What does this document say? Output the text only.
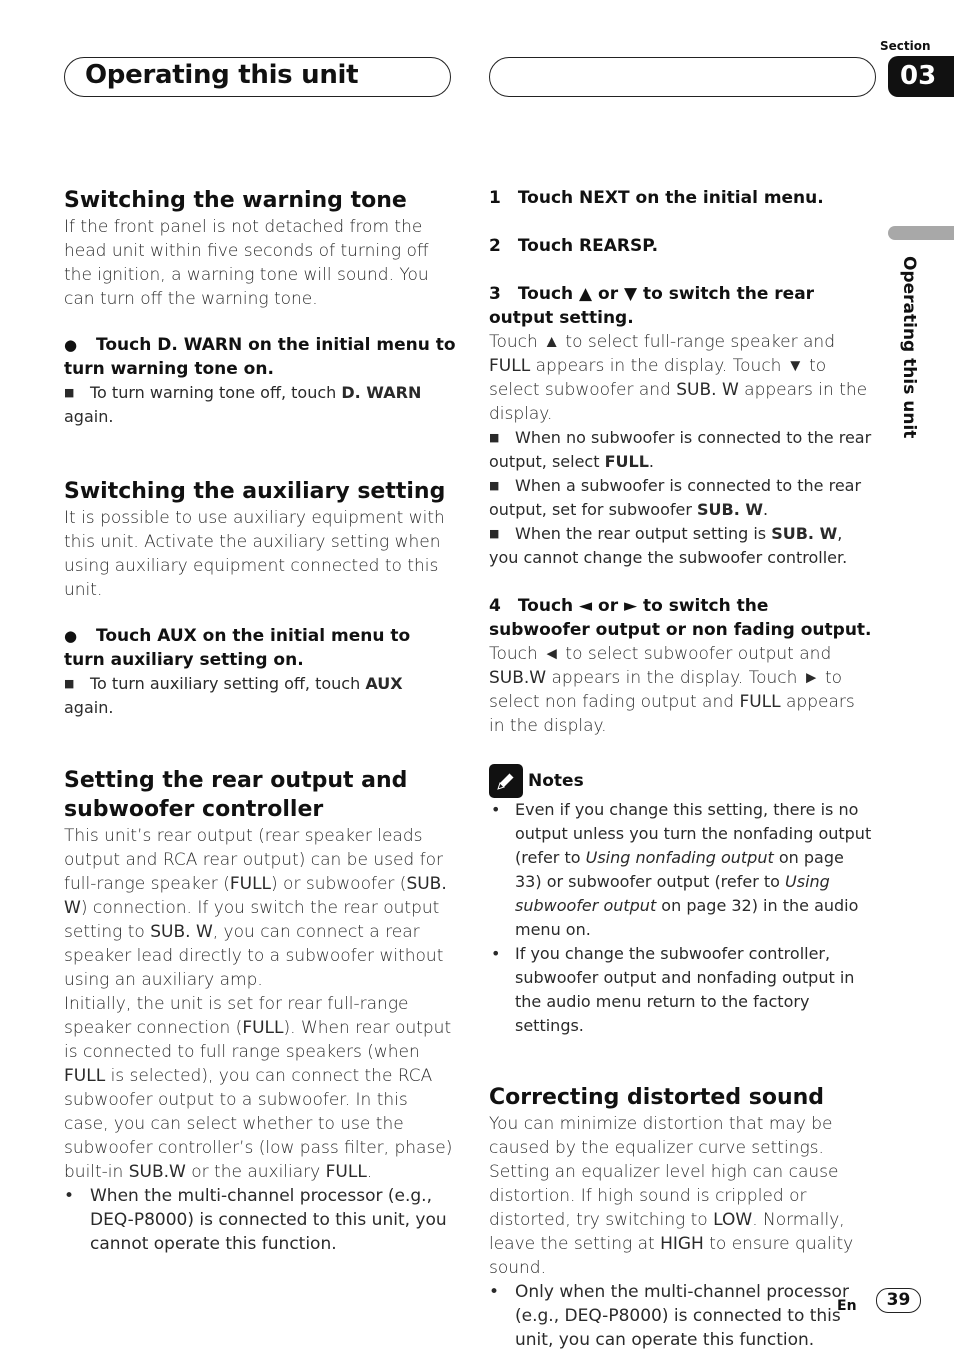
Operating this unit
Section
03
Operating this unit
Switching the warning tone

If the front panel is not detached from the head unit within five seconds of turning off the ignition, a warning tone will sound. You can turn off the warning tone.

● Touch D. WARN on the initial menu to turn warning tone on.
■ To turn warning tone off, touch D. WARN again.
Switching the auxiliary setting

It is possible to use auxiliary equipment with this unit. Activate the auxiliary setting when using auxiliary equipment connected to this unit.

● Touch AUX on the initial menu to turn auxiliary setting on.
■ To turn auxiliary setting off, touch AUX again.
Setting the rear output and subwoofer controller

This unit’s rear output (rear speaker leads output and RCA rear output) can be used for full-range speaker (FULL) or subwoofer (SUB. W) connection. If you switch the rear output setting to SUB. W, you can connect a rear speaker lead directly to a subwoofer without using an auxiliary amp.

Initially, the unit is set for rear full-range speaker connection (FULL). When rear output is connected to full range speakers (when FULL is selected), you can connect the RCA subwoofer output to a subwoofer. In this case, you can select whether to use the subwoofer controller’s (low pass filter, phase) built-in SUB.W or the auxiliary FULL.

• When the multi-channel processor (e.g., DEQ-P8000) is connected to this unit, you cannot operate this function.
1 Touch NEXT on the initial menu.
2 Touch REARSP.
3 Touch ▲ or ▼ to switch the rear output setting.

Touch ▲ to select full-range speaker and FULL appears in the display. Touch ▼ to select subwoofer and SUB. W appears in the display.

■ When no subwoofer is connected to the rear output, select FULL.
■ When a subwoofer is connected to the rear output, set for subwoofer SUB. W.
■ When the rear output setting is SUB. W, you cannot change the subwoofer controller.
4 Touch ◄ or ► to switch the subwoofer output or non fading output.

Touch ◄ to select subwoofer output and SUB.W appears in the display. Touch ► to select non fading output and FULL appears in the display.

Notes
• Even if you change this setting, there is no output unless you turn the nonfading output (refer to Using nonfading output on page 33) or subwoofer output (refer to Using subwoofer output on page 32) in the audio menu on.
• If you change the subwoofer controller, subwoofer output and nonfading output in the audio menu return to the factory settings.
Correcting distorted sound

You can minimize distortion that may be caused by the equalizer curve settings. Setting an equalizer level high can cause distortion. If high sound is crippled or distorted, try switching to LOW. Normally, leave the setting at HIGH to ensure quality sound.

• Only when the multi-channel processor (e.g., DEQ-P8000) is connected to this unit, you can operate this function.
En	39
